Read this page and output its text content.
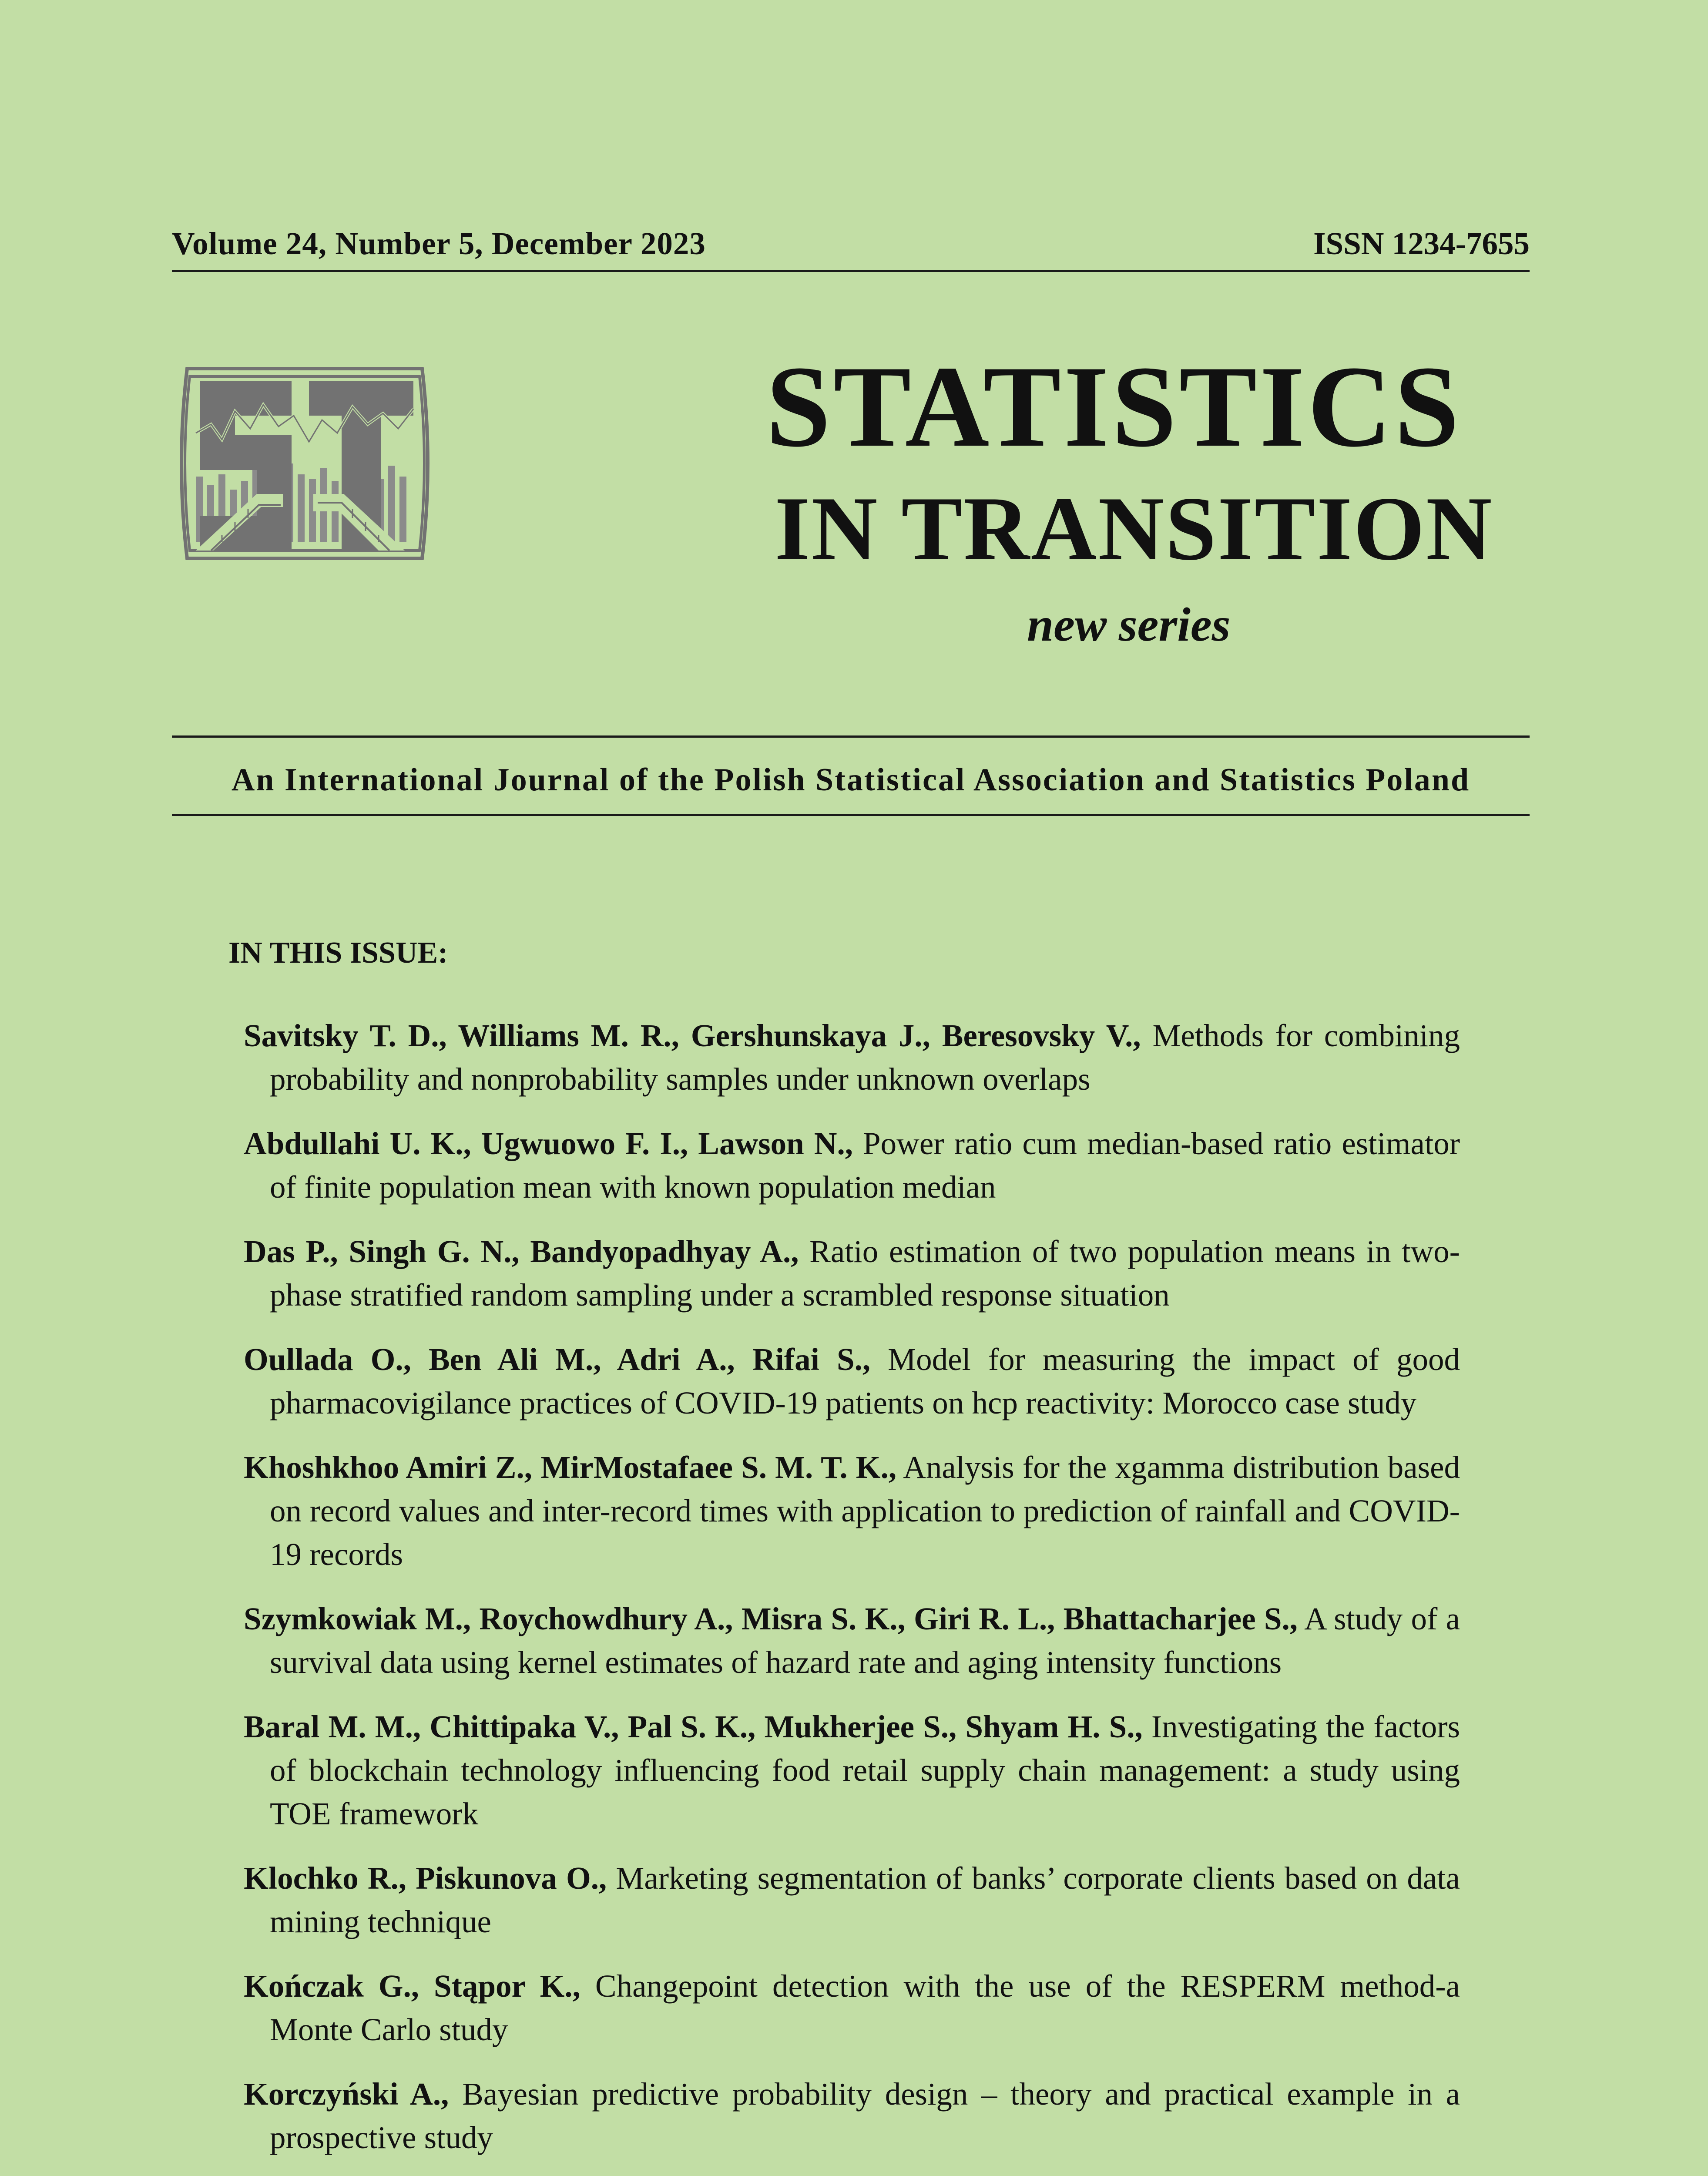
Volume 24, Number 5, December 2023	ISSN 1234-7655
STATISTICS
IN TRANSITION
new series
An International Journal of the Polish Statistical Association and Statistics Poland
IN THIS ISSUE:
Savitsky T. D., Williams M. R., Gershunskaya J., Beresovsky V., Methods for combining probability and nonprobability samples under unknown overlaps
Abdullahi U. K., Ugwuowo F. I., Lawson N., Power ratio cum median-based ratio estimator of finite population mean with known population median
Das P., Singh G. N., Bandyopadhyay A., Ratio estimation of two population means in two-phase stratified random sampling under a scrambled response situation
Oullada O., Ben Ali M., Adri A., Rifai S., Model for measuring the impact of good pharmacovigilance practices of COVID-19 patients on hcp reactivity: Morocco case study
Khoshkhoo Amiri Z., MirMostafaee S. M. T. K., Analysis for the xgamma distribution based on record values and inter-record times with application to prediction of rainfall and COVID-19 records
Szymkowiak M., Roychowdhury A., Misra S. K., Giri R. L., Bhattacharjee S., A study of a survival data using kernel estimates of hazard rate and aging intensity functions
Baral M. M., Chittipaka V., Pal S. K., Mukherjee S., Shyam H. S., Investigating the factors of blockchain technology influencing food retail supply chain management: a study using TOE framework
Klochko R., Piskunova O., Marketing segmentation of banks’ corporate clients based on data mining technique
Kończak G., Stąpor K., Changepoint detection with the use of the RESPERM method-a Monte Carlo study
Korczyński A., Bayesian predictive probability design – theory and practical example in a prospective study
